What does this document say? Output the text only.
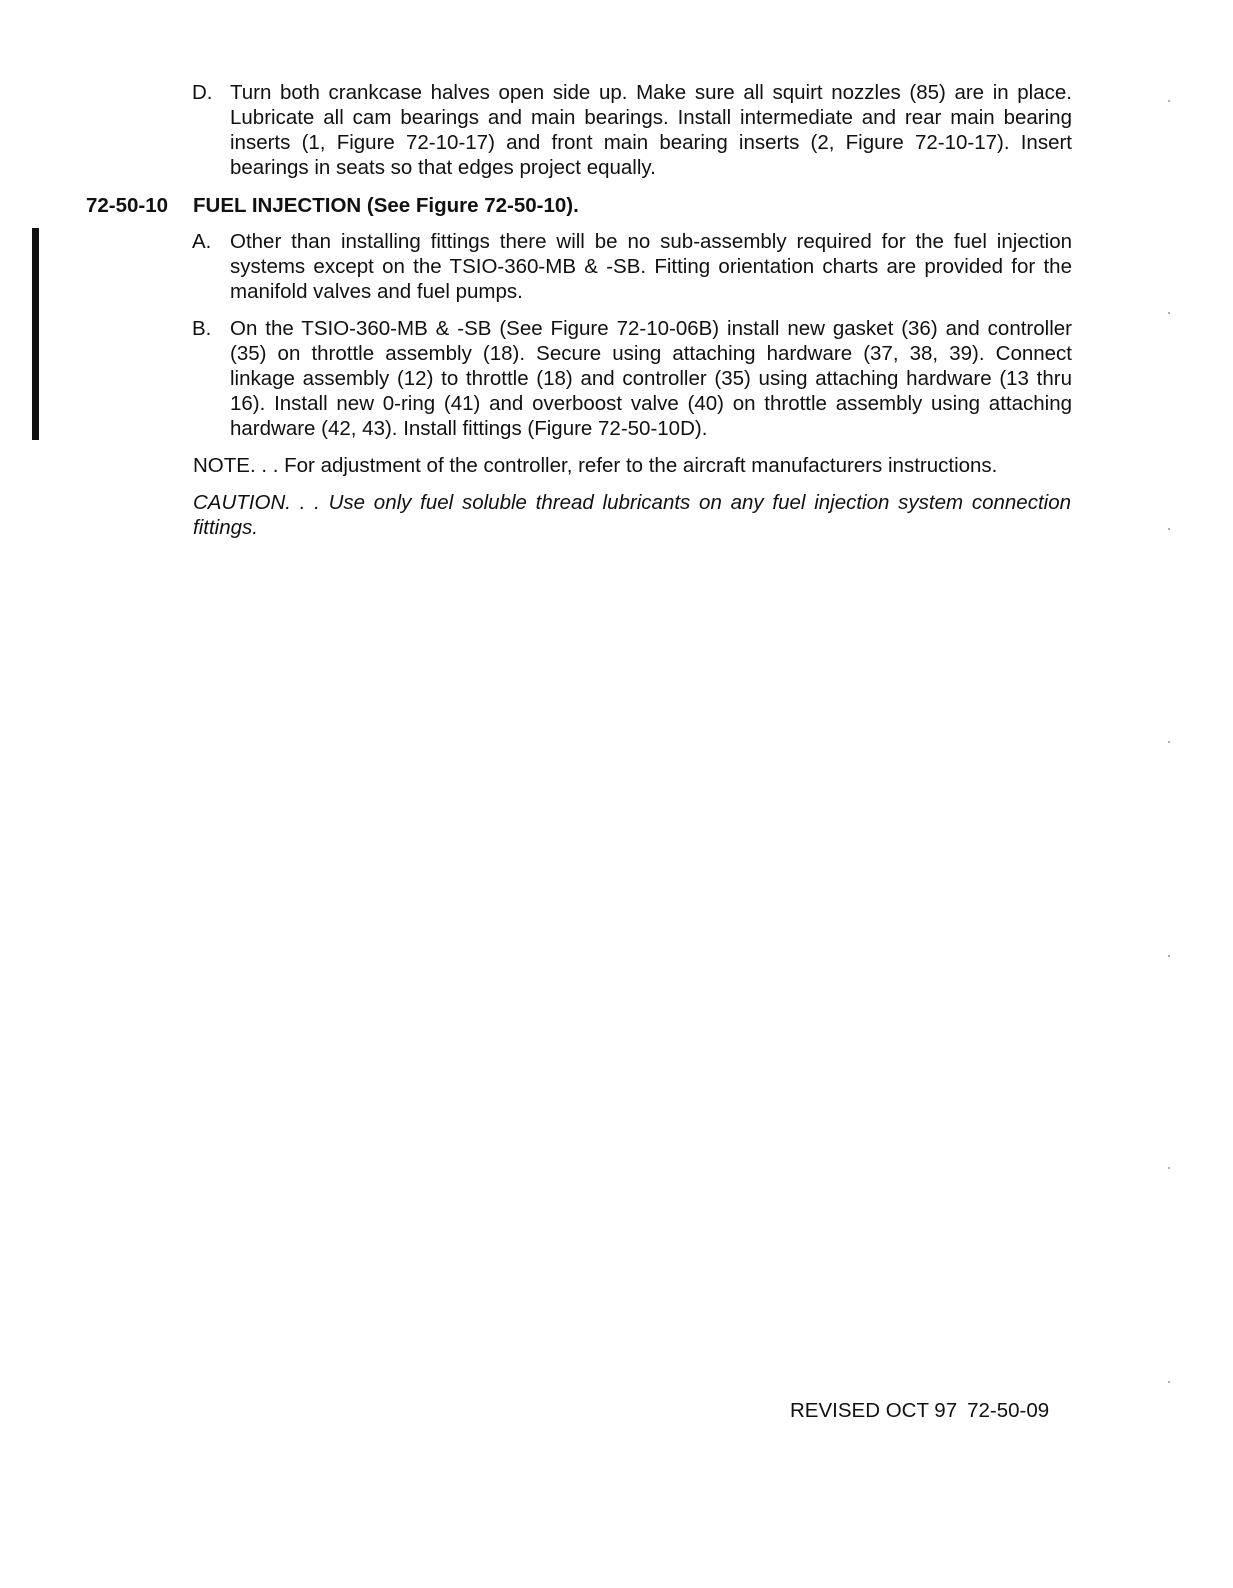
D. Turn both crankcase halves open side up. Make sure all squirt nozzles (85) are in place. Lubricate all cam bearings and main bearings. Install intermediate and rear main bearing inserts (1, Figure 72-10-17) and front main bearing inserts (2, Figure 72-10-17). Insert bearings in seats so that edges project equally.
72-50-10 FUEL INJECTION (See Figure 72-50-10).
A. Other than installing fittings there will be no sub-assembly required for the fuel injection systems except on the TSIO-360-MB & -SB. Fitting orientation charts are provided for the manifold valves and fuel pumps.
B. On the TSIO-360-MB & -SB (See Figure 72-10-06B) install new gasket (36) and controller (35) on throttle assembly (18). Secure using attaching hardware (37, 38, 39). Connect linkage assembly (12) to throttle (18) and controller (35) using attaching hardware (13 thru 16). Install new 0-ring (41) and overboost valve (40) on throttle assembly using attaching hardware (42, 43). Install fittings (Figure 72-50-10D).
NOTE. . . For adjustment of the controller, refer to the aircraft manufacturers instructions.
CAUTION. . . Use only fuel soluble thread lubricants on any fuel injection system connection fittings.
REVISED OCT 97 72-50-09
